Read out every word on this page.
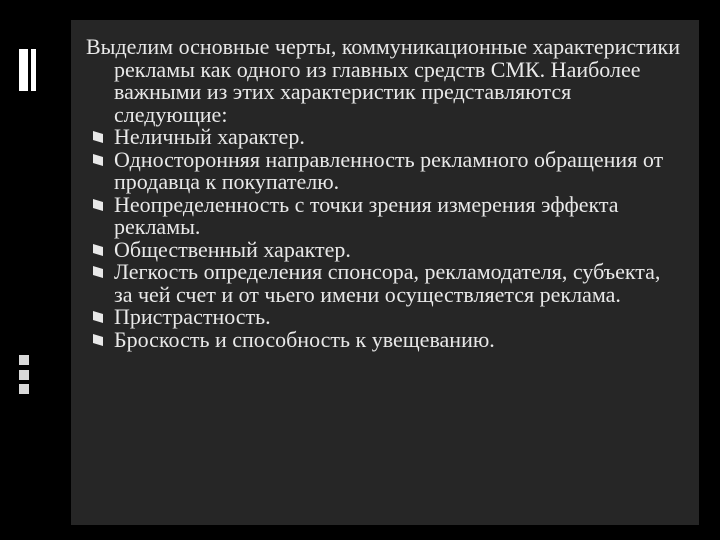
Выделим основные черты, коммуникационные характеристики рекламы как одного из главных средств СМК. Наиболее важными из этих характеристик представляются следующие:

Неличный характер.
Односторонняя направленность рекламного обращения от продавца к покупателю.
Неопределенность с точки зрения измерения эффекта рекламы.
Общественный характер.
Легкость определения спонсора, рекламодателя, субъекта, за чей счет и от чьего имени осуществляется реклама.
Пристрастность.
Броскость и способность к увещеванию.
